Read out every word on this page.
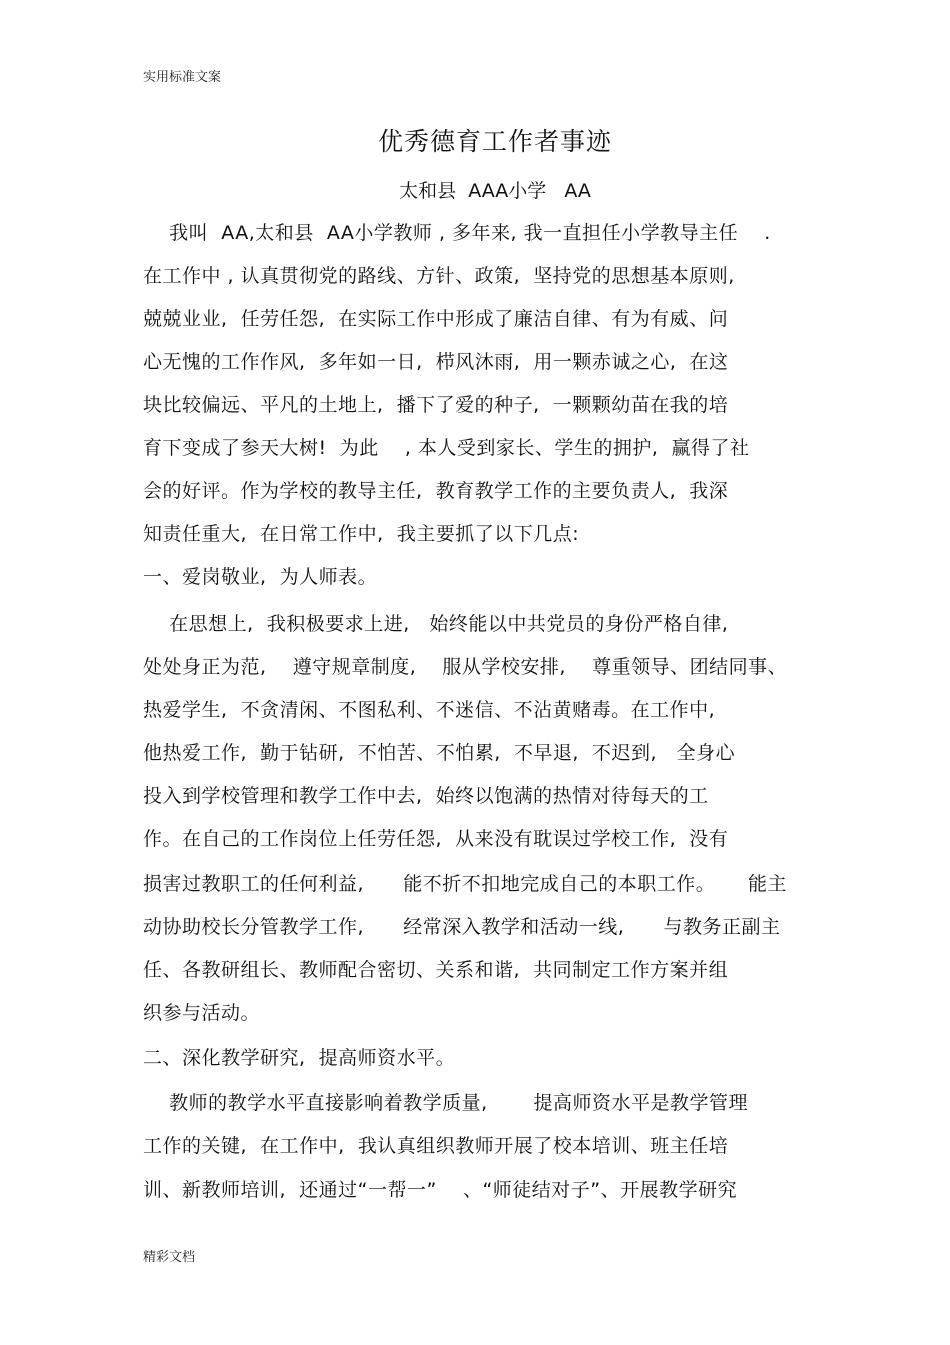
实用标准文案
优秀德育工作者事迹
太和县  AAA小学   AA
我叫  AA,太和县  AA小学教师 , 多年来, 我一直担任小学教导主任    .
在工作中 , 认真贯彻党的路线、方针、政策,  坚持党的思想基本原则,
兢兢业业,  任劳任怨,  在实际工作中形成了廉洁自律、有为有威、问
心无愧的工作作风,  多年如一日,  栉风沐雨,  用一颗赤诚之心,  在这
块比较偏远、平凡的土地上,  播下了爱的种子,  一颗颗幼苗在我的培
育下变成了参天大树!  为此    , 本人受到家长、学生的拥护,  赢得了社
会的好评。作为学校的教导主任,  教育教学工作的主要负责人,  我深
知责任重大,  在日常工作中,  我主要抓了以下几点:
一、爱岗敬业,  为人师表。
在思想上,  我积极要求上进,   始终能以中共党员的身份严格自律,
处处身正为范,    遵守规章制度,    服从学校安排,    尊重领导、团结同事、
热爱学生,  不贪清闲、不图私利、不迷信、不沾黄赌毒。在工作中,
他热爱工作,  勤于钻研,  不怕苦、不怕累,  不早退,  不迟到,   全身心
投入到学校管理和教学工作中去,  始终以饱满的热情对待每天的工
作。在自己的工作岗位上任劳任怨,  从来没有耽误过学校工作,  没有
损害过教职工的任何利益,      能不折不扣地完成自己的本职工作。     能主
动协助校长分管教学工作,      经常深入教学和活动一线,      与教务正副主
任、各教研组长、教师配合密切、关系和谐,  共同制定工作方案并组
织参与活动。
二、深化教学研究,  提高师资水平。
教师的教学水平直接影响着教学质量,       提高师资水平是教学管理
工作的关键,  在工作中,  我认真组织教师开展了校本培训、班主任培
训、新教师培训,  还通过“一帮一”    、“师徒结对子”、开展教学研究
精彩文档
